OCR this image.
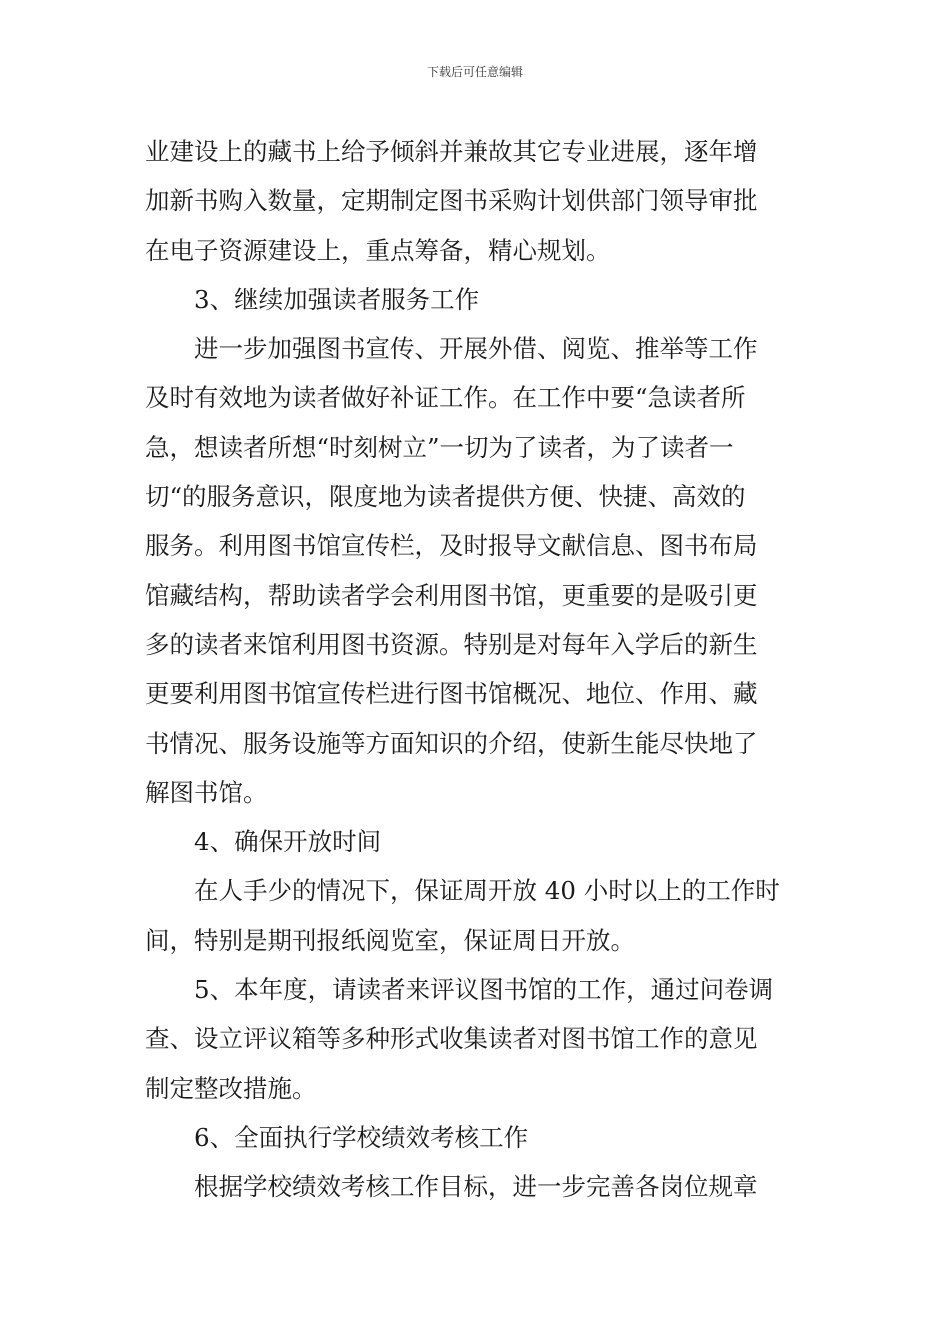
下载后可任意编辑
业建设上的藏书上给予倾斜并兼故其它专业进展，逐年增
加新书购入数量，定期制定图书采购计划供部门领导审批
在电子资源建设上，重点筹备，精心规划。
3、继续加强读者服务工作
进一步加强图书宣传、开展外借、阅览、推举等工作
及时有效地为读者做好补证工作。在工作中要“急读者所
急，想读者所想“时刻树立”一切为了读者，为了读者一
切“的服务意识，限度地为读者提供方便、快捷、高效的
服务。利用图书馆宣传栏，及时报导文献信息、图书布局
馆藏结构，帮助读者学会利用图书馆，更重要的是吸引更
多的读者来馆利用图书资源。特别是对每年入学后的新生
更要利用图书馆宣传栏进行图书馆概况、地位、作用、藏
书情况、服务设施等方面知识的介绍，使新生能尽快地了
解图书馆。
4、确保开放时间
在人手少的情况下，保证周开放 40 小时以上的工作时
间，特别是期刊报纸阅览室，保证周日开放。
5、本年度，请读者来评议图书馆的工作，通过问卷调
查、设立评议箱等多种形式收集读者对图书馆工作的意见
制定整改措施。
6、全面执行学校绩效考核工作
根据学校绩效考核工作目标，进一步完善各岗位规章
